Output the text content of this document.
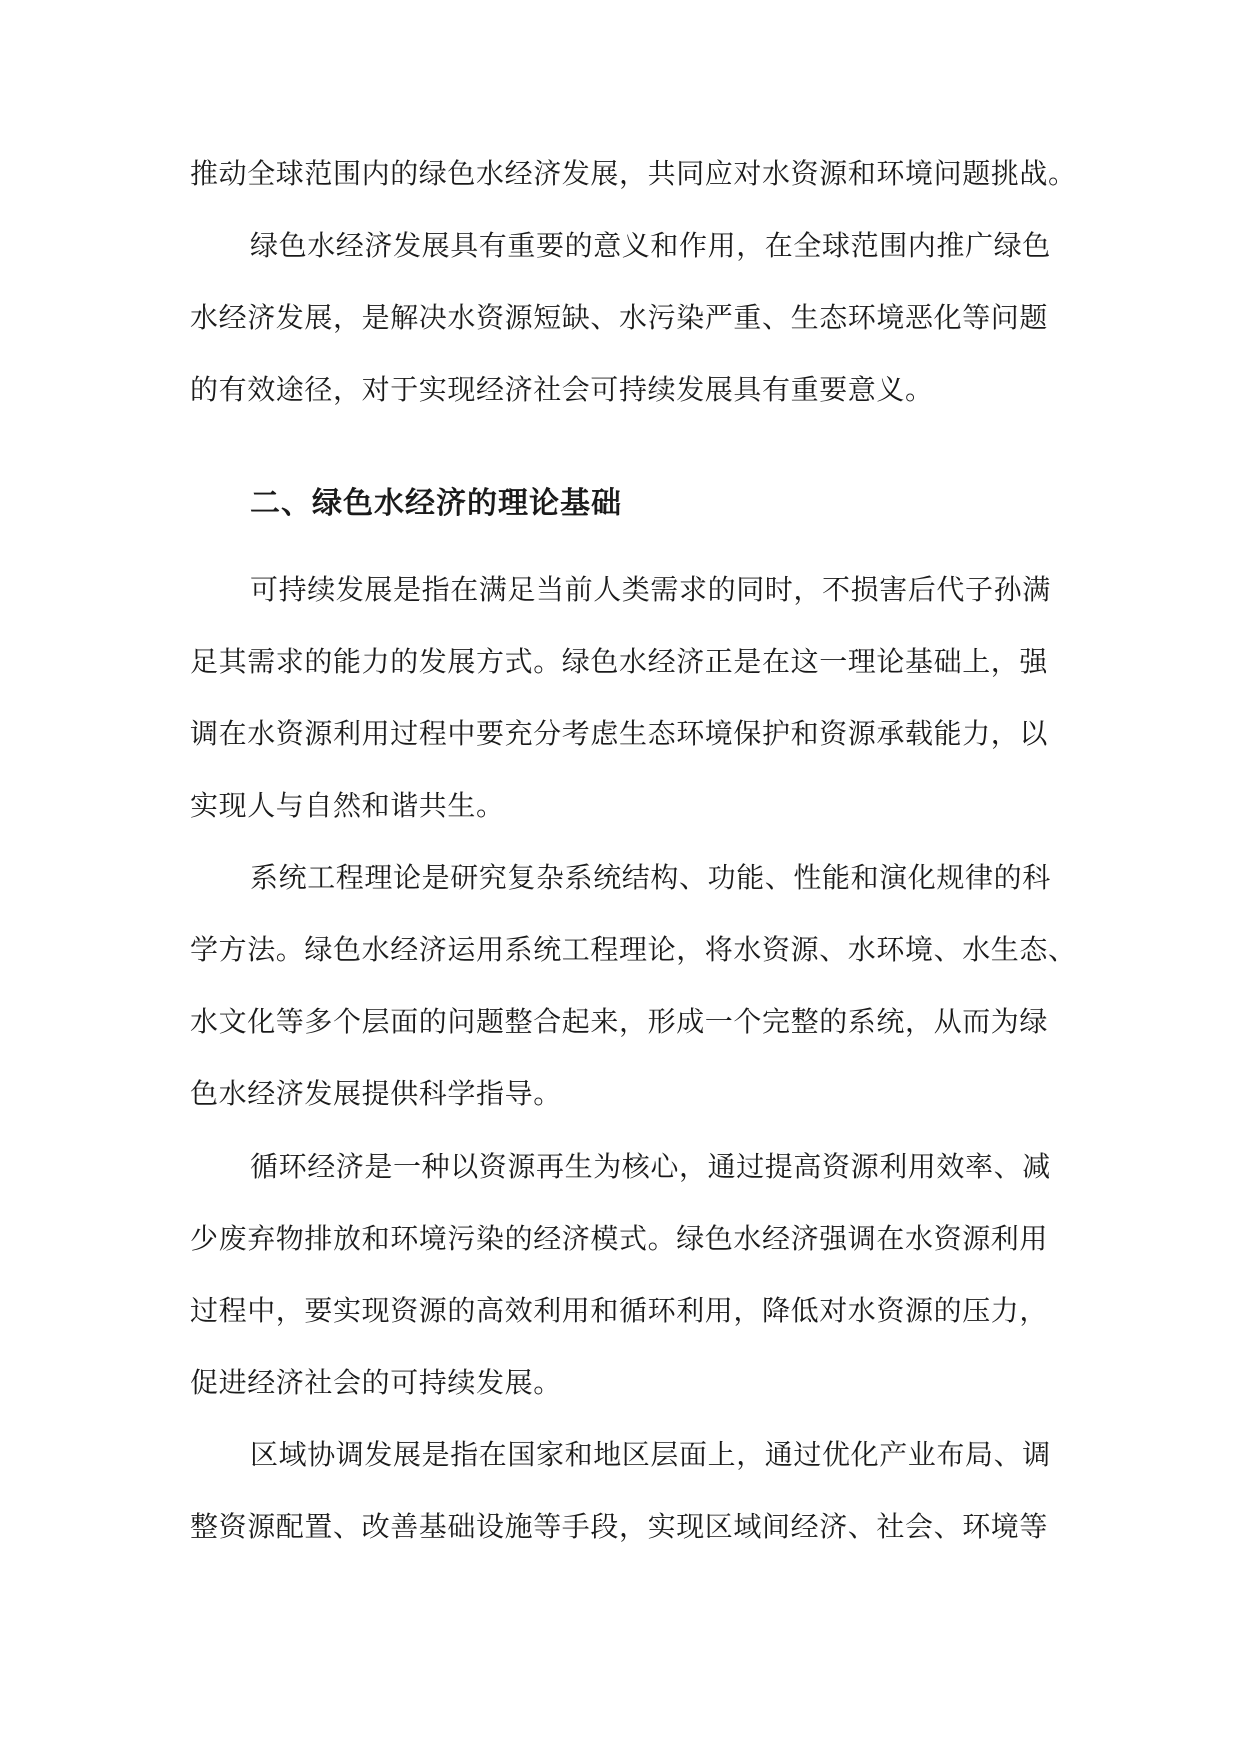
推动全球范围内的绿色水经济发展，共同应对水资源和环境问题挑战。
绿色水经济发展具有重要的意义和作用，在全球范围内推广绿色
水经济发展，是解决水资源短缺、水污染严重、生态环境恶化等问题
的有效途径，对于实现经济社会可持续发展具有重要意义。
二、绿色水经济的理论基础
可持续发展是指在满足当前人类需求的同时，不损害后代子孙满
足其需求的能力的发展方式。绿色水经济正是在这一理论基础上，强
调在水资源利用过程中要充分考虑生态环境保护和资源承载能力，以
实现人与自然和谐共生。
系统工程理论是研究复杂系统结构、功能、性能和演化规律的科
学方法。绿色水经济运用系统工程理论，将水资源、水环境、水生态、
水文化等多个层面的问题整合起来，形成一个完整的系统，从而为绿
色水经济发展提供科学指导。
循环经济是一种以资源再生为核心，通过提高资源利用效率、减
少废弃物排放和环境污染的经济模式。绿色水经济强调在水资源利用
过程中，要实现资源的高效利用和循环利用，降低对水资源的压力，
促进经济社会的可持续发展。
区域协调发展是指在国家和地区层面上，通过优化产业布局、调
整资源配置、改善基础设施等手段，实现区域间经济、社会、环境等
